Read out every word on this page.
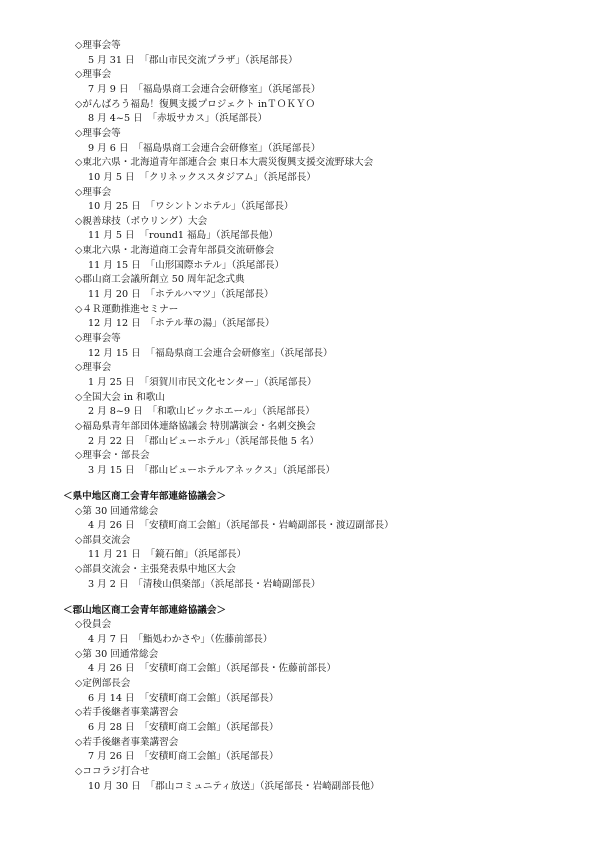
◇理事会等
5 月 31 日　「郡山市民交流プラザ」（浜尾部長）
◇理事会
7 月 9 日　「福島県商工会連合会研修室」（浜尾部長）
◇がんばろう福島！復興支援プロジェクト inＴＯＫＹＯ
8 月 4~5 日　「赤坂サカス」（浜尾部長）
◇理事会等
9 月 6 日　「福島県商工会連合会研修室」（浜尾部長）
◇東北六県・北海道青年部連合会 東日本大震災復興支援交流野球大会
10 月 5 日　「クリネックススタジアム」（浜尾部長）
◇理事会
10 月 25 日　「ワシントンホテル」（浜尾部長）
◇親善球技（ボウリング）大会
11 月 5 日　「round1 福島」（浜尾部長他）
◇東北六県・北海道商工会青年部員交流研修会
11 月 15 日　「山形国際ホテル」（浜尾部長）
◇郡山商工会議所創立 50 周年記念式典
11 月 20 日　「ホテルハマツ」（浜尾部長）
◇４Ｒ運動推進セミナー
12 月 12 日　「ホテル華の湯」（浜尾部長）
◇理事会等
12 月 15 日　「福島県商工会連合会研修室」（浜尾部長）
◇理事会
1 月 25 日　「須賀川市民文化センター」（浜尾部長）
◇全国大会 in 和歌山
2 月 8~9 日　「和歌山ビックホエール」（浜尾部長）
◇福島県青年部団体連絡協議会 特別講演会・名刺交換会
2 月 22 日　「郡山ビューホテル」（浜尾部長他 5 名）
◇理事会・部長会
3 月 15 日　「郡山ビューホテルアネックス」（浜尾部長）
＜県中地区商工会青年部連絡協議会＞
◇第 30 回通常総会
4 月 26 日　「安積町商工会館」（浜尾部長・岩崎副部長・渡辺副部長）
◇部員交流会
11 月 21 日　「鏡石館」（浜尾部長）
◇部員交流会・主張発表県中地区大会
3 月 2 日　「清稜山倶楽部」（浜尾部長・岩崎副部長）
＜郡山地区商工会青年部連絡協議会＞
◇役員会
4 月 7 日　「鮨処わかさや」（佐藤前部長）
◇第 30 回通常総会
4 月 26 日　「安積町商工会館」（浜尾部長・佐藤前部長）
◇定例部長会
6 月 14 日　「安積町商工会館」（浜尾部長）
◇若手後継者事業講習会
6 月 28 日　「安積町商工会館」（浜尾部長）
◇若手後継者事業講習会
7 月 26 日　「安積町商工会館」（浜尾部長）
◇ココラジ打合せ
10 月 30 日　「郡山コミュニティ放送」（浜尾部長・岩崎副部長他）
